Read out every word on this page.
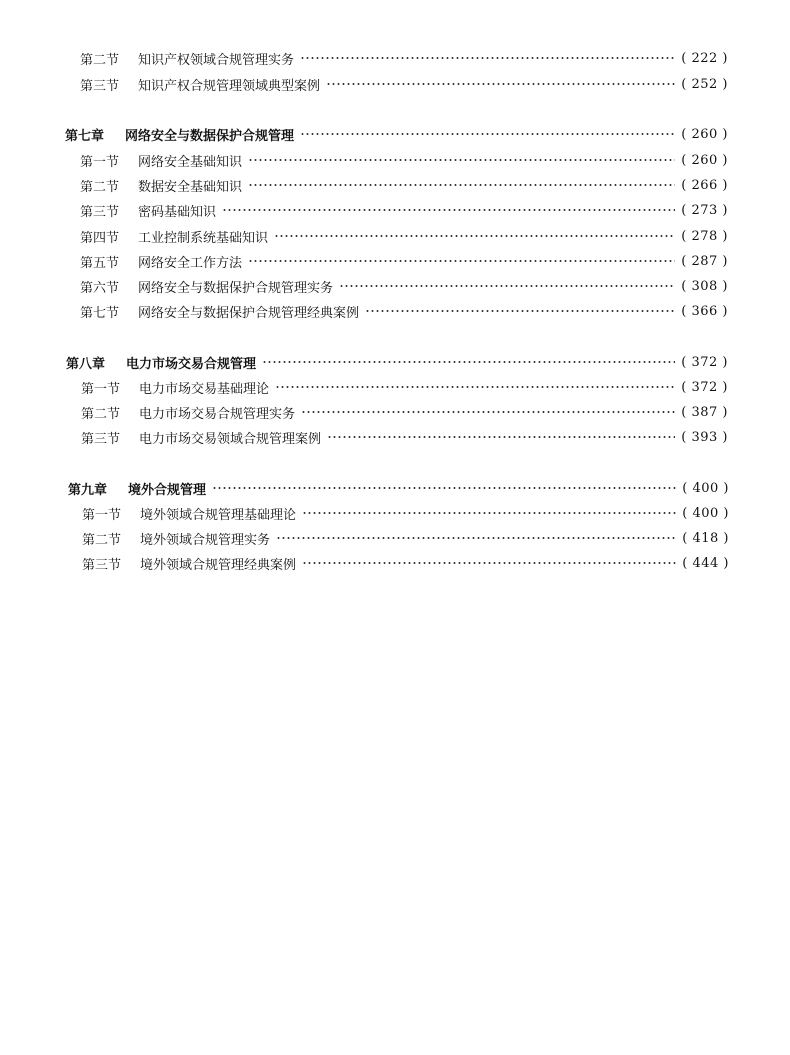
第二节	知识产权领域合规管理实务	( 222 )
第三节	知识产权合规管理领域典型案例	( 252 )
第七章	网络安全与数据保护合规管理	( 260 )
第一节	网络安全基础知识	( 260 )
第二节	数据安全基础知识	( 266 )
第三节	密码基础知识	( 273 )
第四节	工业控制系统基础知识	( 278 )
第五节	网络安全工作方法	( 287 )
第六节	网络安全与数据保护合规管理实务	( 308 )
第七节	网络安全与数据保护合规管理经典案例	( 366 )
第八章	电力市场交易合规管理	( 372 )
第一节	电力市场交易基础理论	( 372 )
第二节	电力市场交易合规管理实务	( 387 )
第三节	电力市场交易领域合规管理案例	( 393 )
第九章	境外合规管理	( 400 )
第一节	境外领域合规管理基础理论	( 400 )
第二节	境外领域合规管理实务	( 418 )
第三节	境外领域合规管理经典案例	( 444 )
